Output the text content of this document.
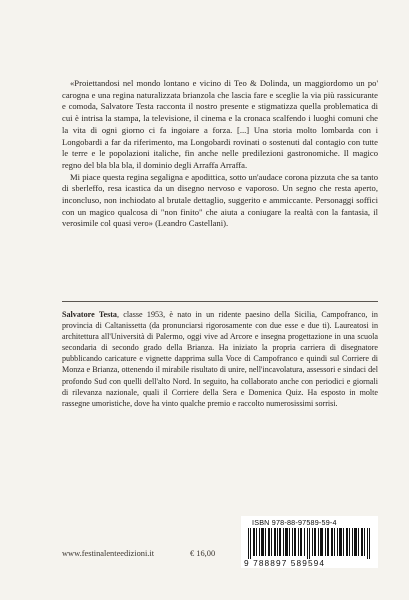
«Proiettandosi nel mondo lontano e vicino di Teo & Dolinda, un maggiordomo un po' carogna e una regina naturalizzata brianzola che lascia fare e sceglie la via più rassicurante e comoda, Salvatore Testa racconta il nostro presente e stigmatizza quella problematica di cui è intrisa la stampa, la televisione, il cinema e la cronaca scalfendo i luoghi comuni che la vita di ogni giorno ci fa ingoiare a forza. [...] Una storia molto lombarda con i Longobardi a far da riferimento, ma Longobardi rovinati o sostenuti dal contagio con tutte le terre e le popolazioni italiche, fin anche nelle predilezioni gastronomiche. Il magico regno del bla bla bla, il dominio degli Arraffa Arraffa.

Mi piace questa regina segaligna e apodittica, sotto un'audace corona pizzuta che sa tanto di sberleffo, resa icastica da un disegno nervoso e vaporoso. Un segno che resta aperto, inconcluso, non inchiodato al brutale dettaglio, suggerito e ammiccante. Personaggi soffici con un magico qualcosa di "non finito" che aiuta a coniugare la realtà con la fantasia, il verosimile col quasi vero» (Leandro Castellani).

Salvatore Testa, classe 1953, è nato in un ridente paesino della Sicilia, Campofranco, in provincia di Caltanissetta (da pronunciarsi rigorosamente con due esse e due ti). Laureatosi in architettura all'Università di Palermo, oggi vive ad Arcore e insegna progettazione in una scuola secondaria di secondo grado della Brianza. Ha iniziato la propria carriera di disegnatore pubblicando caricature e vignette dapprima sulla Voce di Campofranco e quindi sul Corriere di Monza e Brianza, ottenendo il mirabile risultato di unire, nell'incavolatura, assessori e sindaci del profondo Sud con quelli dell'alto Nord. In seguito, ha collaborato anche con periodici e giornali di rilevanza nazionale, quali il Corriere della Sera e Domenica Quiz. Ha esposto in molte rassegne umoristiche, dove ha vinto qualche premio e raccolto numerosissimi sorrisi.

ISBN 978-88-97589-59-4
9 788897 589594
www.festinalenteedizioni.it	€ 16,00
